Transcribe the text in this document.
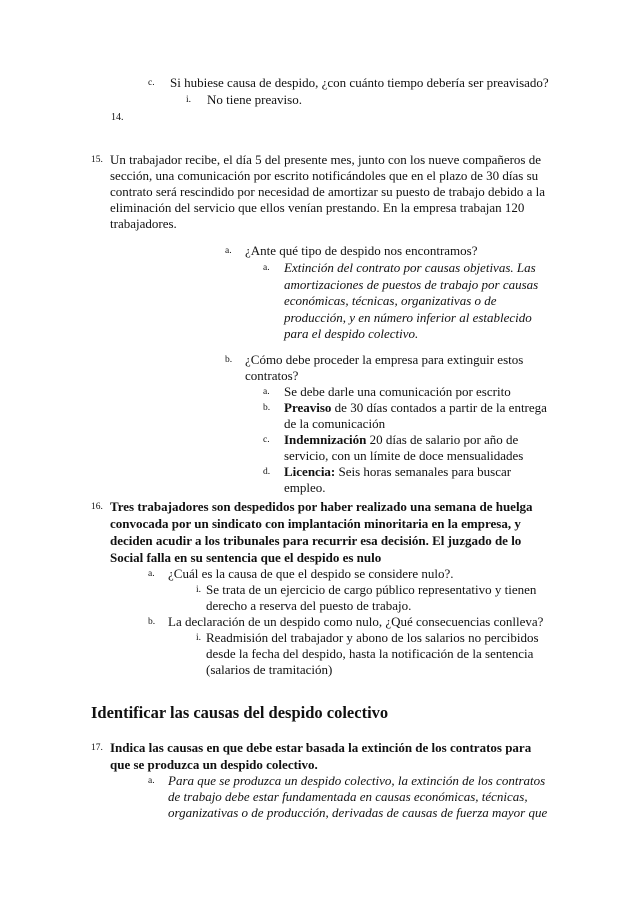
c. Si hubiese causa de despido, ¿con cuánto tiempo debería ser preavisado?
i. No tiene preaviso.
14.
15. Un trabajador recibe, el día 5 del presente mes, junto con los nueve compañeros de
sección, una comunicación por escrito notificándoles que en el plazo de 30 días su
contrato será rescindido por necesidad de amortizar su puesto de trabajo debido a la
eliminación del servicio que ellos venían prestando. En la empresa trabajan 120
trabajadores.
a. ¿Ante qué tipo de despido nos encontramos?
a. Extinción del contrato por causas objetivas. Las
amortizaciones de puestos de trabajo por causas
económicas, técnicas, organizativas o de
producción, y en número inferior al establecido
para el despido colectivo.
b. ¿Cómo debe proceder la empresa para extinguir estos
contratos?
a. Se debe darle una comunicación por escrito
b. Preaviso de 30 días contados a partir de la entrega
de la comunicación
c. Indemnización 20 días de salario por año de
servicio, con un límite de doce mensualidades
d. Licencia: Seis horas semanales para buscar
empleo.
16. Tres trabajadores son despedidos por haber realizado una semana de huelga
convocada por un sindicato con implantación minoritaria en la empresa, y
deciden acudir a los tribunales para recurrir esa decisión. El juzgado de lo
Social falla en su sentencia que el despido es nulo
a. ¿Cuál es la causa de que el despido se considere nulo?.
i. Se trata de un ejercicio de cargo público representativo y tienen
derecho a reserva del puesto de trabajo.
b. La declaración de un despido como nulo, ¿Qué consecuencias conlleva?
i. Readmisión del trabajador y abono de los salarios no percibidos
desde la fecha del despido, hasta la notificación de la sentencia
(salarios de tramitación)
Identificar las causas del despido colectivo
17. Indica las causas en que debe estar basada la extinción de los contratos para
que se produzca un despido colectivo.
a. Para que se produzca un despido colectivo, la extinción de los contratos
de trabajo debe estar fundamentada en causas económicas, técnicas,
organizativas o de producción, derivadas de causas de fuerza mayor que
